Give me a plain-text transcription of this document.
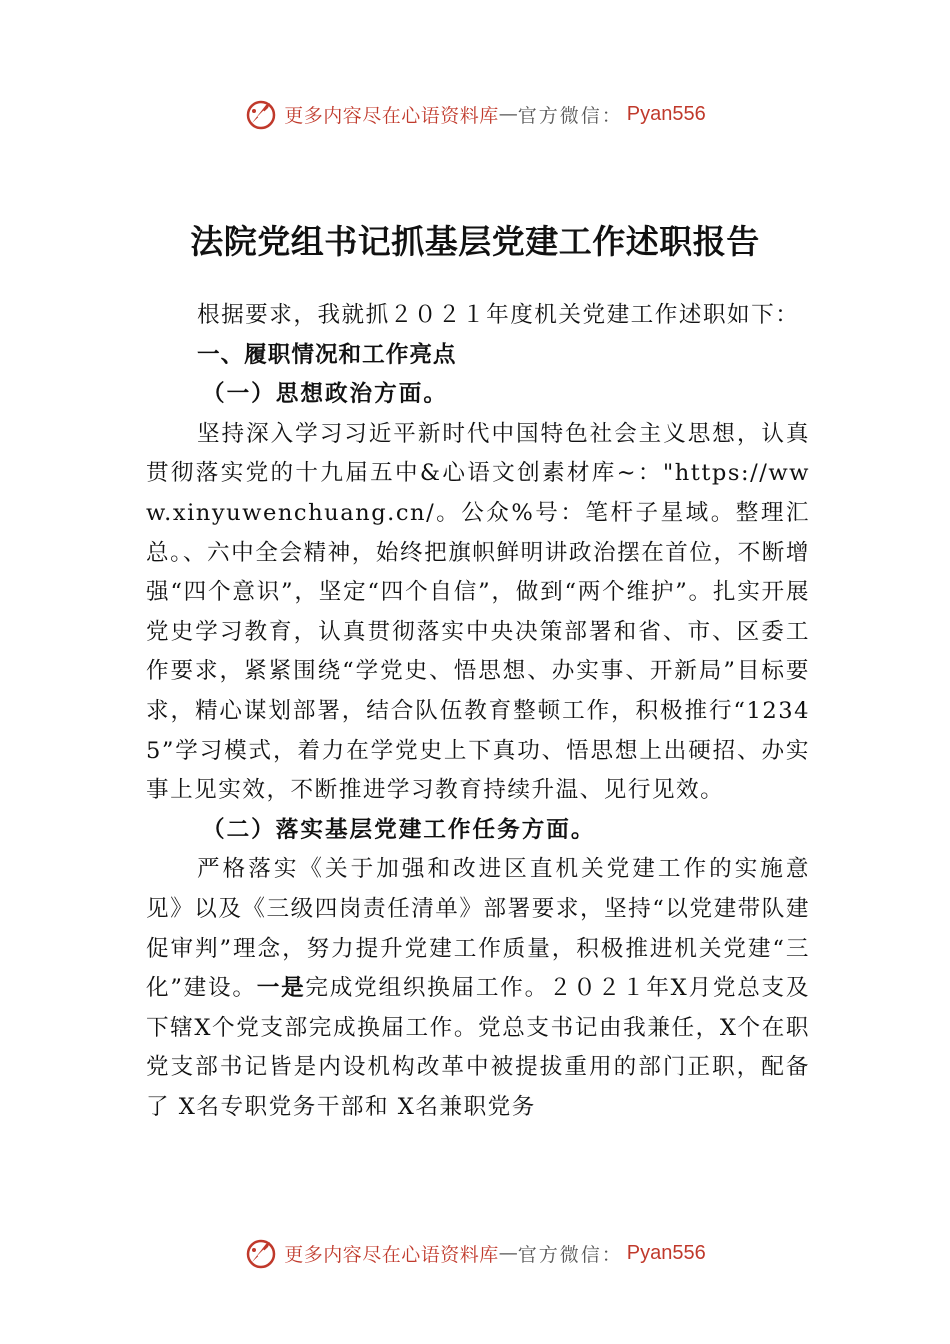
更多内容尽在心语资料库 — 官方微信： Pyan556
法院党组书记抓基层党建工作述职报告

根据要求，我就抓２０２１年度机关党建工作述职如下：

一、履职情况和工作亮点

（一）思想政治方面。

坚持深入学习习近平新时代中国特色社会主义思想，认真贯彻落实党的十九届五中&心语文创素材库~："https://www.xinyuwenchuang.cn/。公众%号：笔杆子星域。整理汇总。、六中全会精神，始终把旗帜鲜明讲政治摆在首位，不断增强“四个意识”，坚定“四个自信”，做到“两个维护”。扎实开展党史学习教育，认真贯彻落实中央决策部署和省、市、区委工作要求，紧紧围绕“学党史、悟思想、办实事、开新局”目标要求，精心谋划部署，结合队伍教育整顿工作，积极推行“12345”学习模式，着力在学党史上下真功、悟思想上出硬招、办实事上见实效，不断推进学习教育持续升温、见行见效。

（二）落实基层党建工作任务方面。

严格落实《关于加强和改进区直机关党建工作的实施意见》以及《三级四岗责任清单》部署要求，坚持“以党建带队建促审判”理念，努力提升党建工作质量，积极推进机关党建“三化”建设。一是完成党组织换届工作。２０２１年X月党总支及下辖X个党支部完成换届工作。党总支书记由我兼任，X个在职党支部书记皆是内设机构改革中被提拔重用的部门正职，配备了 X名专职党务干部和 X名兼职党务

更多内容尽在心语资料库 — 官方微信： Pyan556
